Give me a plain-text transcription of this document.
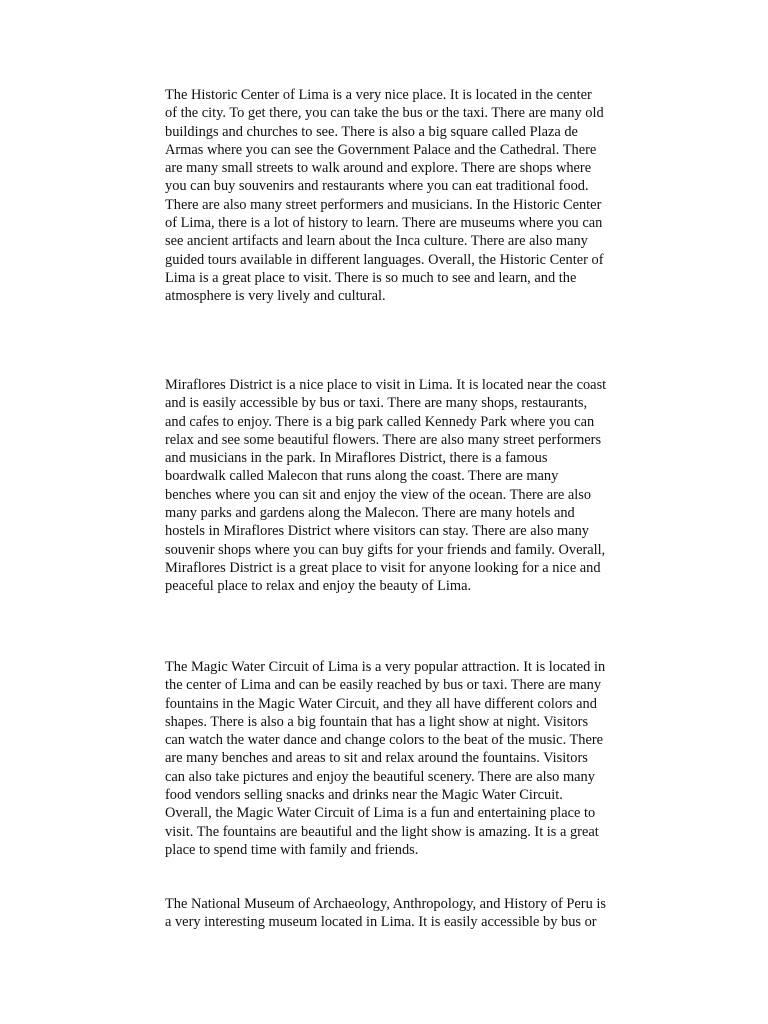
The Historic Center of Lima is a very nice place. It is located in the center
of the city. To get there, you can take the bus or the taxi. There are many old
buildings and churches to see. There is also a big square called Plaza de
Armas where you can see the Government Palace and the Cathedral. There
are many small streets to walk around and explore. There are shops where
you can buy souvenirs and restaurants where you can eat traditional food.
There are also many street performers and musicians. In the Historic Center
of Lima, there is a lot of history to learn. There are museums where you can
see ancient artifacts and learn about the Inca culture. There are also many
guided tours available in different languages. Overall, the Historic Center of
Lima is a great place to visit. There is so much to see and learn, and the
atmosphere is very lively and cultural.

Miraflores District is a nice place to visit in Lima. It is located near the coast
and is easily accessible by bus or taxi. There are many shops, restaurants,
and cafes to enjoy. There is a big park called Kennedy Park where you can
relax and see some beautiful flowers. There are also many street performers
and musicians in the park. In Miraflores District, there is a famous
boardwalk called Malecon that runs along the coast. There are many
benches where you can sit and enjoy the view of the ocean. There are also
many parks and gardens along the Malecon. There are many hotels and
hostels in Miraflores District where visitors can stay. There are also many
souvenir shops where you can buy gifts for your friends and family. Overall,
Miraflores District is a great place to visit for anyone looking for a nice and
peaceful place to relax and enjoy the beauty of Lima.

The Magic Water Circuit of Lima is a very popular attraction. It is located in
the center of Lima and can be easily reached by bus or taxi. There are many
fountains in the Magic Water Circuit, and they all have different colors and
shapes. There is also a big fountain that has a light show at night. Visitors
can watch the water dance and change colors to the beat of the music. There
are many benches and areas to sit and relax around the fountains. Visitors
can also take pictures and enjoy the beautiful scenery. There are also many
food vendors selling snacks and drinks near the Magic Water Circuit.
Overall, the Magic Water Circuit of Lima is a fun and entertaining place to
visit. The fountains are beautiful and the light show is amazing. It is a great
place to spend time with family and friends.

The National Museum of Archaeology, Anthropology, and History of Peru is
a very interesting museum located in Lima. It is easily accessible by bus or
